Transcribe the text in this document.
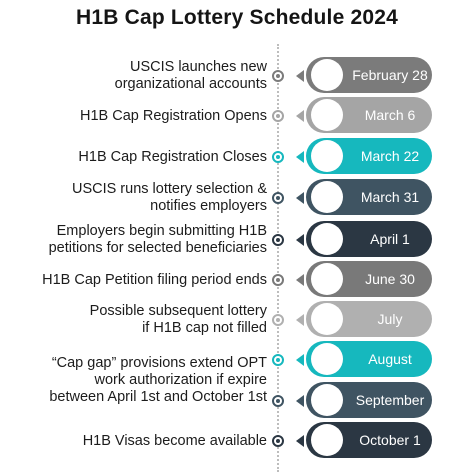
H1B Cap Lottery Schedule 2024
USCIS launches new
organizational accounts
February 28
H1B Cap Registration Opens	March 6
H1B Cap Registration Closes	March 22
USCIS runs lottery selection &
notifies employers
March 31
Employers begin submitting H1B
petitions for selected beneficiaries
April 1
H1B Cap Petition filing period ends	June 30
Possible subsequent lottery
if H1B cap not filled
July
“Cap gap” provisions extend OPT
work authorization if expire
between April 1st and October 1st
August
September
H1B Visas become available	October 1
